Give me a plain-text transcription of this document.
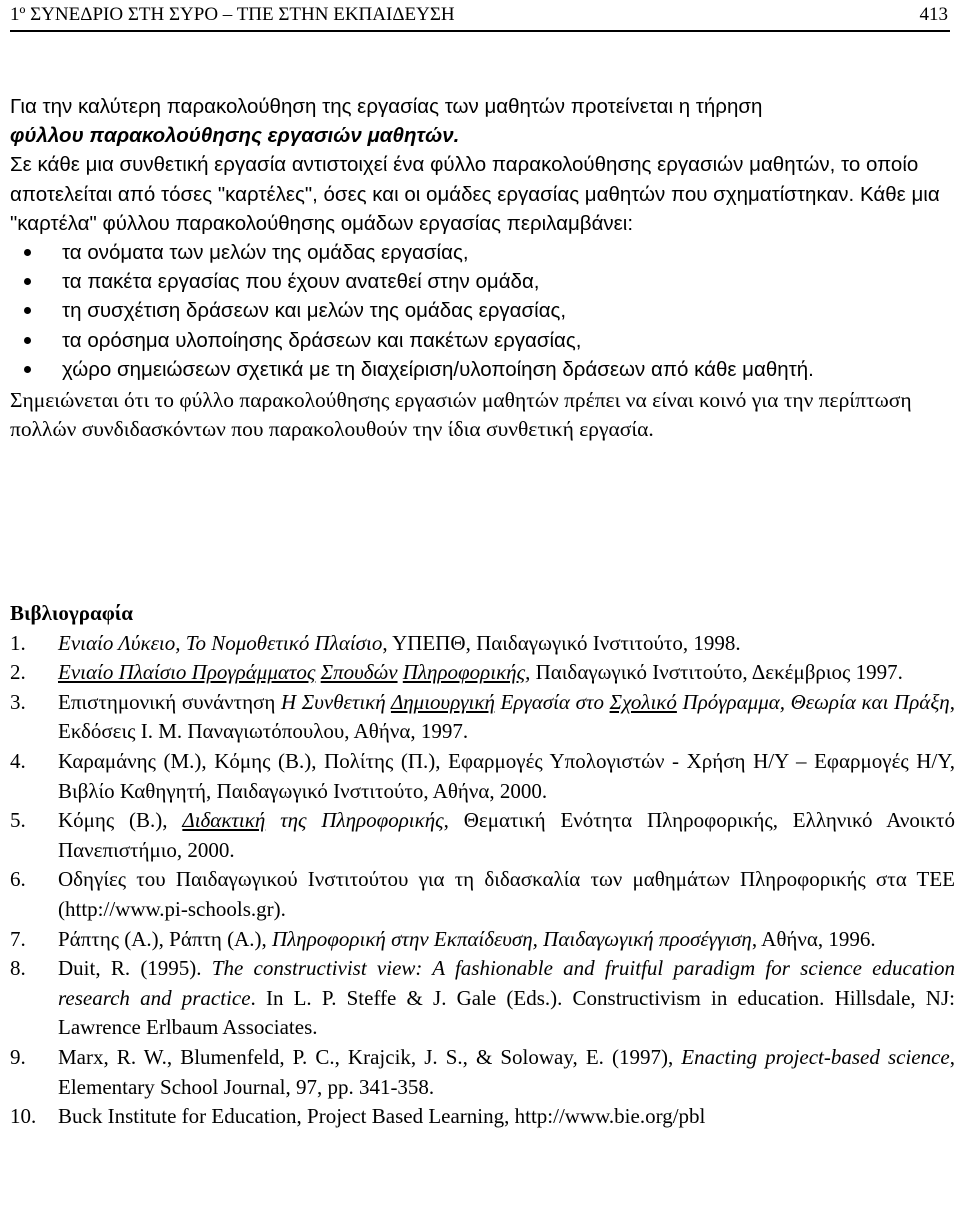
1º ΣΥΝΕΔΡΙΟ ΣΤΗ ΣΥΡΟ – ΤΠΕ ΣΤΗΝ ΕΚΠΑΙΔΕΥΣΗ	413

Για την καλύτερη παρακολούθηση της εργασίας των μαθητών προτείνεται η τήρηση
φύλλου παρακολούθησης εργασιών μαθητών.

Σε κάθε μια συνθετική εργασία αντιστοιχεί ένα φύλλο παρακολούθησης εργασιών μαθητών, το οποίο αποτελείται από τόσες "καρτέλες", όσες και οι ομάδες εργασίας μαθητών που σχηματίστηκαν. Κάθε μια "καρτέλα" φύλλου παρακολούθησης ομάδων εργασίας περιλαμβάνει:

τα ονόματα των μελών της ομάδας εργασίας,
τα πακέτα εργασίας που έχουν ανατεθεί στην ομάδα,
τη συσχέτιση δράσεων και μελών της ομάδας εργασίας,
τα ορόσημα υλοποίησης δράσεων και πακέτων εργασίας,
χώρο σημειώσεων σχετικά με τη διαχείριση/υλοποίηση δράσεων από κάθε μαθητή.

Σημειώνεται ότι το φύλλο παρακολούθησης εργασιών μαθητών πρέπει να είναι κοινό για την περίπτωση πολλών συνδιδασκόντων που παρακολουθούν την ίδια συνθετική εργασία.

Βιβλιογραφία
1. Ενιαίο Λύκειο, Το Νομοθετικό Πλαίσιο, ΥΠΕΠΘ, Παιδαγωγικό Ινστιτούτο, 1998.
2. Ενιαίο Πλαίσιο Προγράμματος Σπουδών Πληροφορικής, Παιδαγωγικό Ινστιτούτο, Δεκέμβριος 1997.
3. Επιστημονική συνάντηση Η Συνθετική Δημιουργική Εργασία στο Σχολικό Πρόγραμμα, Θεωρία και Πράξη, Εκδόσεις Ι. Μ. Παναγιωτόπουλου, Αθήνα, 1997.
4. Καραμάνης (Μ.), Κόμης (Β.), Πολίτης (Π.), Εφαρμογές Υπολογιστών - Χρήση Η/Υ – Εφαρμογές Η/Υ, Βιβλίο Καθηγητή, Παιδαγωγικό Ινστιτούτο, Αθήνα, 2000.
5. Κόμης (Β.), Διδακτική της Πληροφορικής, Θεματική Ενότητα Πληροφορικής, Ελληνικό Ανοικτό Πανεπιστήμιο, 2000.
6. Οδηγίες του Παιδαγωγικού Ινστιτούτου για τη διδασκαλία των μαθημάτων Πληροφορικής στα ΤΕΕ (http://www.pi-schools.gr).
7. Ράπτης (Α.), Ράπτη (Α.), Πληροφορική στην Εκπαίδευση, Παιδαγωγική προσέγγιση, Αθήνα, 1996.
8. Duit, R. (1995). The constructivist view: A fashionable and fruitful paradigm for science education research and practice. In L. P. Steffe & J. Gale (Eds.). Constructivism in education. Hillsdale, NJ: Lawrence Erlbaum Associates.
9. Marx, R. W., Blumenfeld, P. C., Krajcik, J. S., & Soloway, E. (1997), Enacting project-based science, Elementary School Journal, 97, pp. 341-358.
10. Buck Institute for Education, Project Based Learning, http://www.bie.org/pbl
